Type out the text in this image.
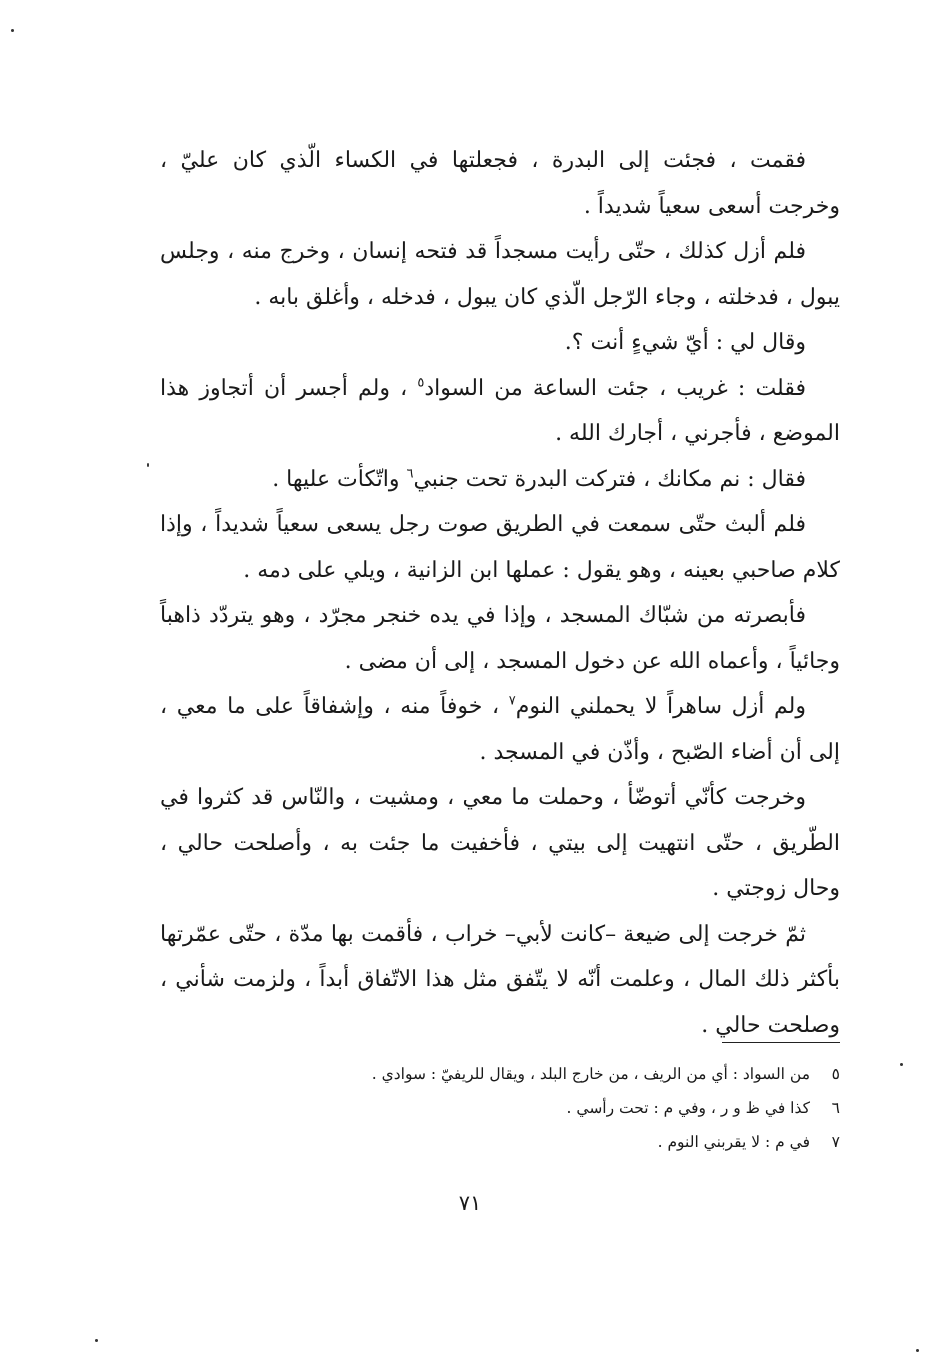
فقمت ، فجئت إلى البدرة ، فجعلتها في الكساء الّذي كان عليّ ، وخرجت أسعى سعياً شديداً .

فلم أزل كذلك ، حتّى رأيت مسجداً قد فتحه إنسان ، وخرج منه ، وجلس يبول ، فدخلته ، وجاء الرّجل الّذي كان يبول ، فدخله ، وأغلق بابه .

وقال لي : أيّ شيءٍ أنت ؟.

فقلت : غريب ، جئت الساعة من السواد$^٥$ ، ولم أجسر أن أتجاوز هذا الموضع ، فأجرني ، أجارك الله .

فقال : نم مكانك ، فتركت البدرة تحت جنبي$^٦$ واتّكأت عليها .

فلم ألبث حتّى سمعت في الطريق صوت رجل يسعى سعياً شديداً ، وإذا كلام صاحبي بعينه ، وهو يقول : عملها ابن الزانية ، ويلي على دمه .

فأبصرته من شبّاك المسجد ، وإذا في يده خنجر مجرّد ، وهو يتردّد ذاهباً وجائياً ، وأعماه الله عن دخول المسجد ، إلى أن مضى .

ولم أزل ساهراً لا يحملني النوم$^٧$ ، خوفاً منه ، وإشفاقاً على ما معي ، إلى أن أضاء الصّبح ، وأذّن في المسجد .

وخرجت كأنّي أتوضّأ ، وحملت ما معي ، ومشيت ، والنّاس قد كثروا في الطّريق ، حتّى انتهيت إلى بيتي ، فأخفيت ما جئت به ، وأصلحت حالي ، وحال زوجتي .

ثمّ خرجت إلى ضيعة –كانت لأبي– خراب ، فأقمت بها مدّة ، حتّى عمّرتها بأكثر ذلك المال ، وعلمت أنّه لا يتّفق مثل هذا الاتّفاق أبداً ، ولزمت شأني ، وصلحت حالي .

٥من السواد : أي من الريف ، من خارج البلد ، ويقال للريفيّ : سوادي .
٦كذا في ظ و ر ، وفي م : تحت رأسي .
٧في م : لا يقربني النوم .
٧١
